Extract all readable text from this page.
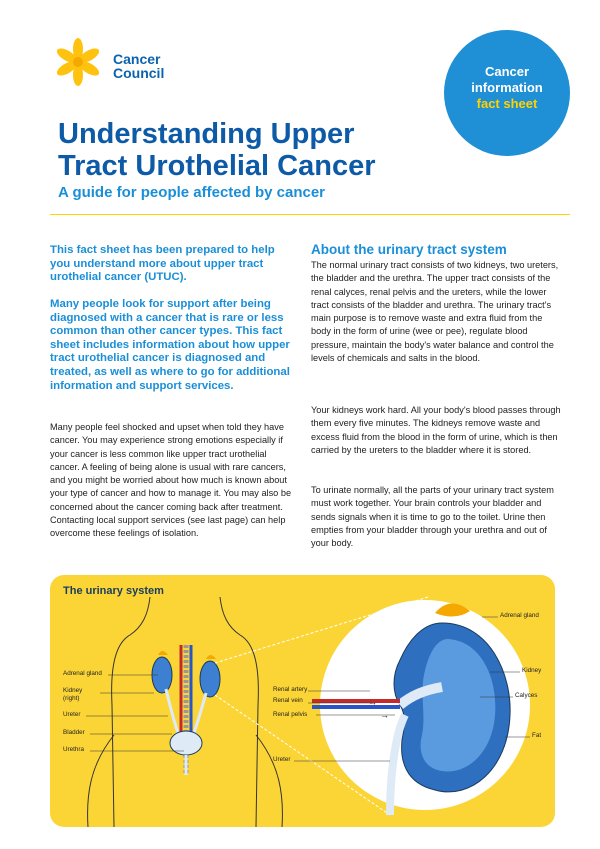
Cancer
Council	Cancer
information
fact sheet
Understanding Upper
Tract Urothelial Cancer

A guide for people affected by cancer

This fact sheet has been prepared to help you understand more about upper tract urothelial cancer (UTUC).

Many people look for support after being diagnosed with a cancer that is rare or less common than other cancer types. This fact sheet includes information about how upper tract urothelial cancer is diagnosed and treated, as well as where to go for additional information and support services.

Many people feel shocked and upset when told they have cancer. You may experience strong emotions especially if your cancer is less common like upper tract urothelial cancer. A feeling of being alone is usual with rare cancers, and you might be worried about how much is known about your type of cancer and how to manage it. You may also be concerned about the cancer coming back after treatment. Contacting local support services (see last page) can help overcome these feelings of isolation.

About the urinary tract system

The normal urinary tract consists of two kidneys, two ureters, the bladder and the urethra. The upper tract consists of the renal calyces, renal pelvis and the ureters, while the lower tract consists of the bladder and urethra. The urinary tract's main purpose is to remove waste and extra fluid from the body in the form of urine (wee or pee), regulate blood pressure, maintain the body's water balance and control the levels of chemicals and salts in the blood.

Your kidneys work hard. All your body's blood passes through them every five minutes. The kidneys remove waste and excess fluid from the blood in the form of urine, which is then carried by the ureters to the bladder where it is stored.

To urinate normally, all the parts of your urinary tract system must work together. Your brain controls your bladder and sends signals when it is time to go to the toilet. Urine then empties from your bladder through your urethra and out of your body.

The urinary system
→
→
Adrenal gland
Kidney
(right)
Ureter
Bladder
Urethra
Renal artery
Renal vein
Renal pelvis
Ureter
Adrenal gland
Kidney
Calyces
Fat
